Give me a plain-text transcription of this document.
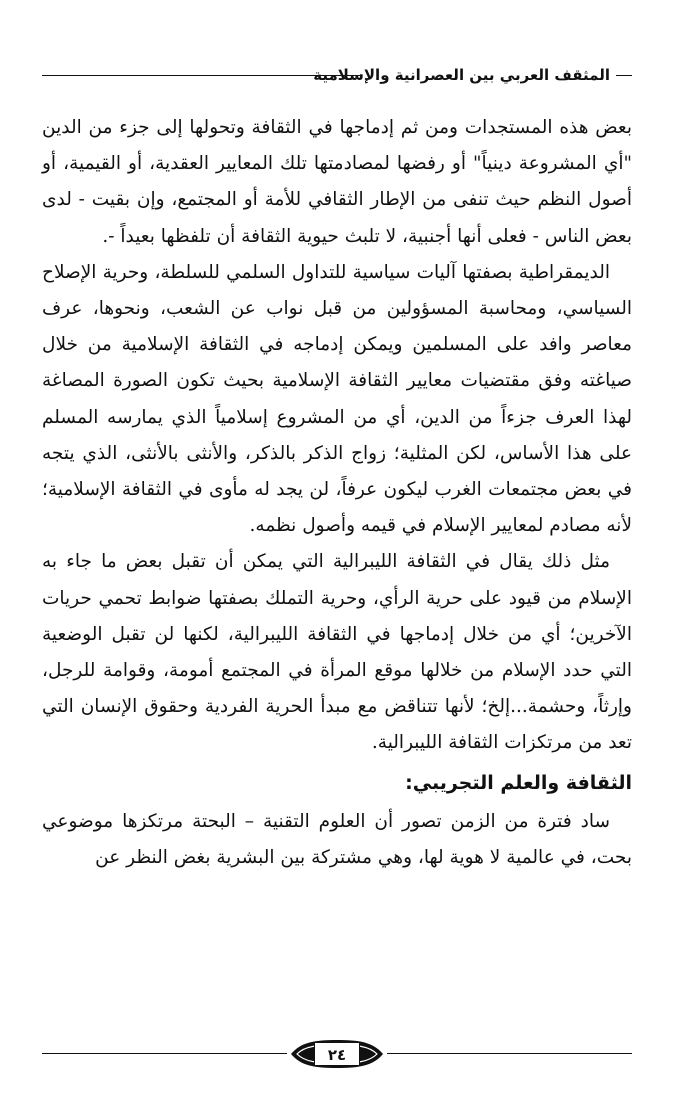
المثقف العربي بين العصرانية والإسلامية

بعض هذه المستجدات ومن ثم إدماجها في الثقافة وتحولها إلى جزء من الدين "أي المشروعة دينياً" أو رفضها لمصادمتها تلك المعايير العقدية، أو القيمية، أو أصول النظم حيث تنفى من الإطار الثقافي للأمة أو المجتمع، وإن بقيت - لدى بعض الناس - فعلى أنها أجنبية، لا تلبث حيوية الثقافة أن تلفظها بعيداً -.

الديمقراطية بصفتها آليات سياسية للتداول السلمي للسلطة، وحرية الإصلاح السياسي، ومحاسبة المسؤولين من قبل نواب عن الشعب، ونحوها، عرف معاصر وافد على المسلمين ويمكن إدماجه في الثقافة الإسلامية من خلال صياغته وفق مقتضيات معايير الثقافة الإسلامية بحيث تكون الصورة المصاغة لهذا العرف جزءاً من الدين، أي من المشروع إسلامياً الذي يمارسه المسلم على هذا الأساس، لكن المثلية؛ زواج الذكر بالذكر، والأنثى بالأنثى، الذي يتجه في بعض مجتمعات الغرب ليكون عرفاً، لن يجد له مأوى في الثقافة الإسلامية؛ لأنه مصادم لمعايير الإسلام في قيمه وأصول نظمه.

مثل ذلك يقال في الثقافة الليبرالية التي يمكن أن تقبل بعض ما جاء به الإسلام من قيود على حرية الرأي، وحرية التملك بصفتها ضوابط تحمي حريات الآخرين؛ أي من خلال إدماجها في الثقافة الليبرالية، لكنها لن تقبل الوضعية التي حدد الإسلام من خلالها موقع المرأة في المجتمع أمومة، وقوامة للرجل، وإرثاً، وحشمة...إلخ؛ لأنها تتناقض مع مبدأ الحرية الفردية وحقوق الإنسان التي تعد من مرتكزات الثقافة الليبرالية.

الثقافة والعلم التجريبي:

ساد فترة من الزمن تصور أن العلوم التقنية – البحتة مرتكزها موضوعي بحت، في عالمية لا هوية لها، وهي مشتركة بين البشرية بغض النظر عن

٢٤
